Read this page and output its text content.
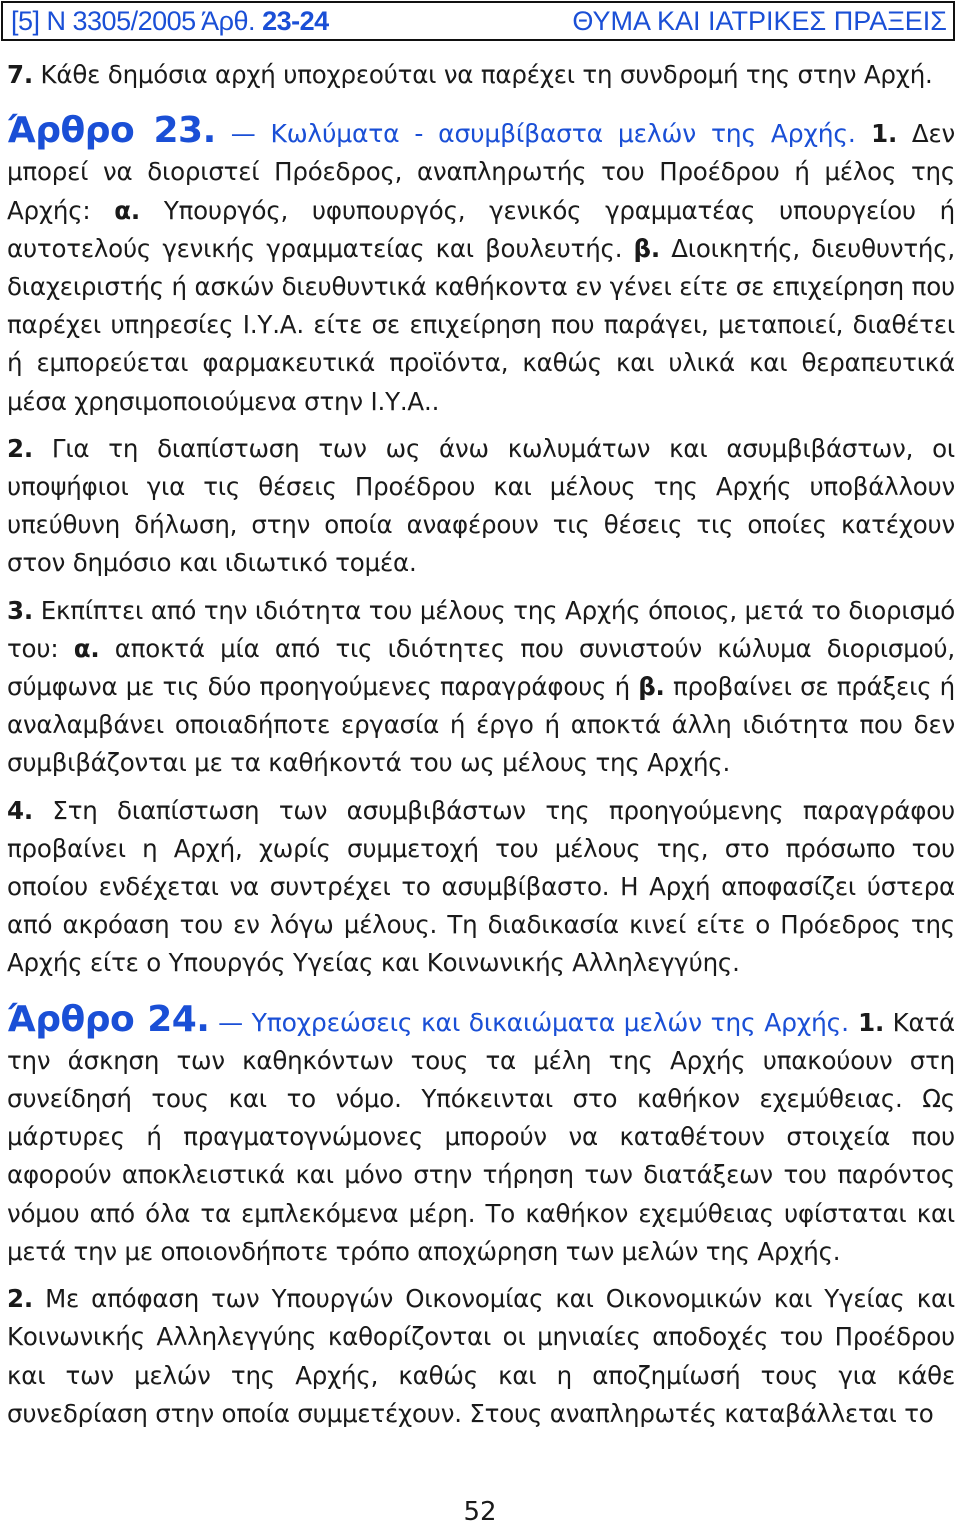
[5] Ν 3305/2005 Άρθ. 23-24	ΘΥΜΑ ΚΑΙ ΙΑΤΡΙΚΕΣ ΠΡΑΞΕΙΣ

7. Κάθε δημόσια αρχή υποχρεούται να παρέχει τη συνδρομή της στην Αρχή.

Άρθρο 23. — Κωλύματα - ασυμβίβαστα μελών της Αρχής. 1. Δεν μπορεί να διοριστεί Πρόεδρος, αναπληρωτής του Προέδρου ή μέλος της Αρχής: α. Υπουργός, υφυπουργός, γενικός γραμματέας υπουργείου ή αυτοτελούς γενικής γραμματείας και βουλευτής. β. Διοικητής, διευθυντής, διαχειριστής ή ασκών διευθυντικά καθήκοντα εν γένει είτε σε επιχείρηση που παρέχει υπηρεσίες Ι.Υ.Α. είτε σε επιχείρηση που παράγει, μεταποιεί, διαθέτει ή εμπορεύεται φαρμακευτικά προϊόντα, καθώς και υλικά και θεραπευτικά μέσα χρησιμοποιούμενα στην Ι.Υ.Α..

2. Για τη διαπίστωση των ως άνω κωλυμάτων και ασυμβιβάστων, οι υποψήφιοι για τις θέσεις Προέδρου και μέλους της Αρχής υποβάλλουν υπεύθυνη δήλωση, στην οποία αναφέρουν τις θέσεις τις οποίες κατέχουν στον δημόσιο και ιδιωτικό τομέα.

3. Εκπίπτει από την ιδιότητα του μέλους της Αρχής όποιος, μετά το διορισμό του: α. αποκτά μία από τις ιδιότητες που συνιστούν κώλυμα διορισμού, σύμφωνα με τις δύο προηγούμενες παραγράφους ή β. προβαίνει σε πράξεις ή αναλαμβάνει οποιαδήποτε εργασία ή έργο ή αποκτά άλλη ιδιότητα που δεν συμβιβάζονται με τα καθήκοντά του ως μέλους της Αρχής.

4. Στη διαπίστωση των ασυμβιβάστων της προηγούμενης παραγράφου προβαίνει η Αρχή, χωρίς συμμετοχή του μέλους της, στο πρόσωπο του οποίου ενδέχεται να συντρέχει το ασυμβίβαστο. Η Αρχή αποφασίζει ύστερα από ακρόαση του εν λόγω μέλους. Τη διαδικασία κινεί είτε ο Πρόεδρος της Αρχής είτε ο Υπουργός Υγείας και Κοινωνικής Αλληλεγγύης.

Άρθρο 24. — Υποχρεώσεις και δικαιώματα μελών της Αρχής. 1. Κατά την άσκηση των καθηκόντων τους τα μέλη της Αρχής υπακούουν στη συνείδησή τους και το νόμο. Υπόκεινται στο καθήκον εχεμύθειας. Ως μάρτυρες ή πραγματογνώμονες μπορούν να καταθέτουν στοιχεία που αφορούν αποκλειστικά και μόνο στην τήρηση των διατάξεων του παρόντος νόμου από όλα τα εμπλεκόμενα μέρη. Το καθήκον εχεμύθειας υφίσταται και μετά την με οποιονδήποτε τρόπο αποχώρηση των μελών της Αρχής.

2. Με απόφαση των Υπουργών Οικονομίας και Οικονομικών και Υγείας και Κοινωνικής Αλληλεγγύης καθορίζονται οι μηνιαίες αποδοχές του Προέδρου και των μελών της Αρχής, καθώς και η αποζημίωσή τους για κάθε συνεδρίαση στην οποία συμμετέχουν. Στους αναπληρωτές καταβάλλεται το

52
